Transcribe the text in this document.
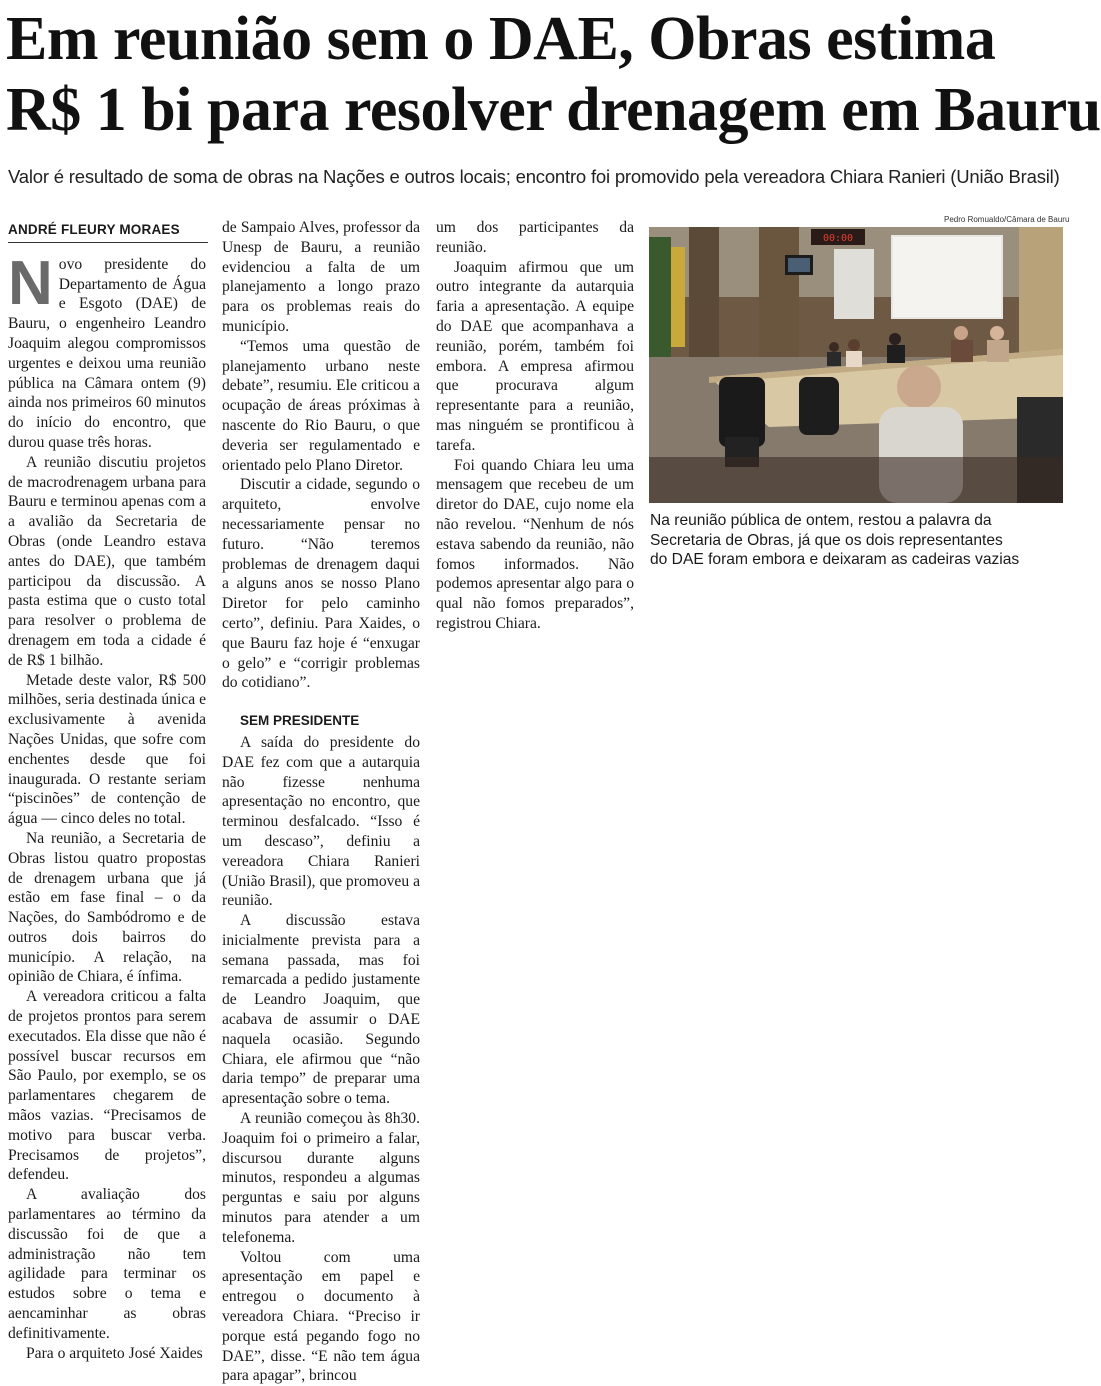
Em reunião sem o DAE, Obras estima
R$ 1 bi para resolver drenagem em Bauru
Valor é resultado de soma de obras na Nações e outros locais; encontro foi promovido pela vereadora Chiara Ranieri (União Brasil)
ANDRÉ FLEURY MORAES

Novo presidente do Departamento de Água e Esgoto (DAE) de Bauru, o engenheiro Leandro Joaquim alegou compromissos urgentes e deixou uma reunião pública na Câmara ontem (9) ainda nos primeiros 60 minutos do início do encontro, que durou quase três horas.

A reunião discutiu projetos de macrodrenagem urbana para Bauru e terminou apenas com a a avalião da Secretaria de Obras (onde Leandro estava antes do DAE), que também participou da discussão. A pasta estima que o custo total para resolver o problema de drenagem em toda a cidade é de R$ 1 bilhão.

Metade deste valor, R$ 500 milhões, seria destinada única e exclusivamente à avenida Nações Unidas, que sofre com enchentes desde que foi inaugurada. O restante seriam “piscinões” de contenção de água — cinco deles no total.

Na reunião, a Secretaria de Obras listou quatro propostas de drenagem urbana que já estão em fase final – o da Nações, do Sambódromo e de outros dois bairros do município. A relação, na opinião de Chiara, é ínfima.

A vereadora criticou a falta de projetos prontos para serem executados. Ela disse que não é possível buscar recursos em São Paulo, por exemplo, se os parlamentares chegarem de mãos vazias. “Precisamos de motivo para buscar verba. Precisamos de projetos”, defendeu.

A avaliação dos parlamentares ao término da discussão foi de que a administração não tem agilidade para terminar os estudos sobre o tema e aencaminhar as obras definitivamente.

Para o arquiteto José Xaides

de Sampaio Alves, professor da Unesp de Bauru, a reunião evidenciou a falta de um planejamento a longo prazo para os problemas reais do município.

“Temos uma questão de planejamento urbano neste debate”, resumiu. Ele criticou a ocupação de áreas próximas à nascente do Rio Bauru, o que deveria ser regulamentado e orientado pelo Plano Diretor.

Discutir a cidade, segundo o arquiteto, envolve necessariamente pensar no futuro. “Não teremos problemas de drenagem daqui a alguns anos se nosso Plano Diretor for pelo caminho certo”, definiu. Para Xaides, o que Bauru faz hoje é “enxugar o gelo” e “corrigir problemas do cotidiano”.

SEM PRESIDENTE

A saída do presidente do DAE fez com que a autarquia não fizesse nenhuma apresentação no encontro, que terminou desfalcado. “Isso é um descaso”, definiu a vereadora Chiara Ranieri (União Brasil), que promoveu a reunião.

A discussão estava inicialmente prevista para a semana passada, mas foi remarcada a pedido justamente de Leandro Joaquim, que acabava de assumir o DAE naquela ocasião. Segundo Chiara, ele afirmou que “não daria tempo” de preparar uma apresentação sobre o tema.

A reunião começou às 8h30. Joaquim foi o primeiro a falar, discursou durante alguns minutos, respondeu a algumas perguntas e saiu por alguns minutos para atender a um telefonema.

Voltou com uma apresentação em papel e entregou o documento à vereadora Chiara. “Preciso ir porque está pegando fogo no DAE”, disse. “E não tem água para apagar”, brincou

um dos participantes da reunião.

Joaquim afirmou que um outro integrante da autarquia faria a apresentação. A equipe do DAE que acompanhava a reunião, porém, também foi embora. A empresa afirmou que procurava algum representante para a reunião, mas ninguém se prontificou à tarefa.

Foi quando Chiara leu uma mensagem que recebeu de um diretor do DAE, cujo nome ela não revelou. “Nenhum de nós estava sabendo da reunião, não fomos informados. Não podemos apresentar algo para o qual não fomos preparados”, registrou Chiara.

Pedro Romualdo/Câmara de Bauru
00:00
Na reunião pública de ontem, restou a palavra da
Secretaria de Obras, já que os dois representantes
do DAE foram embora e deixaram as cadeiras vazias
